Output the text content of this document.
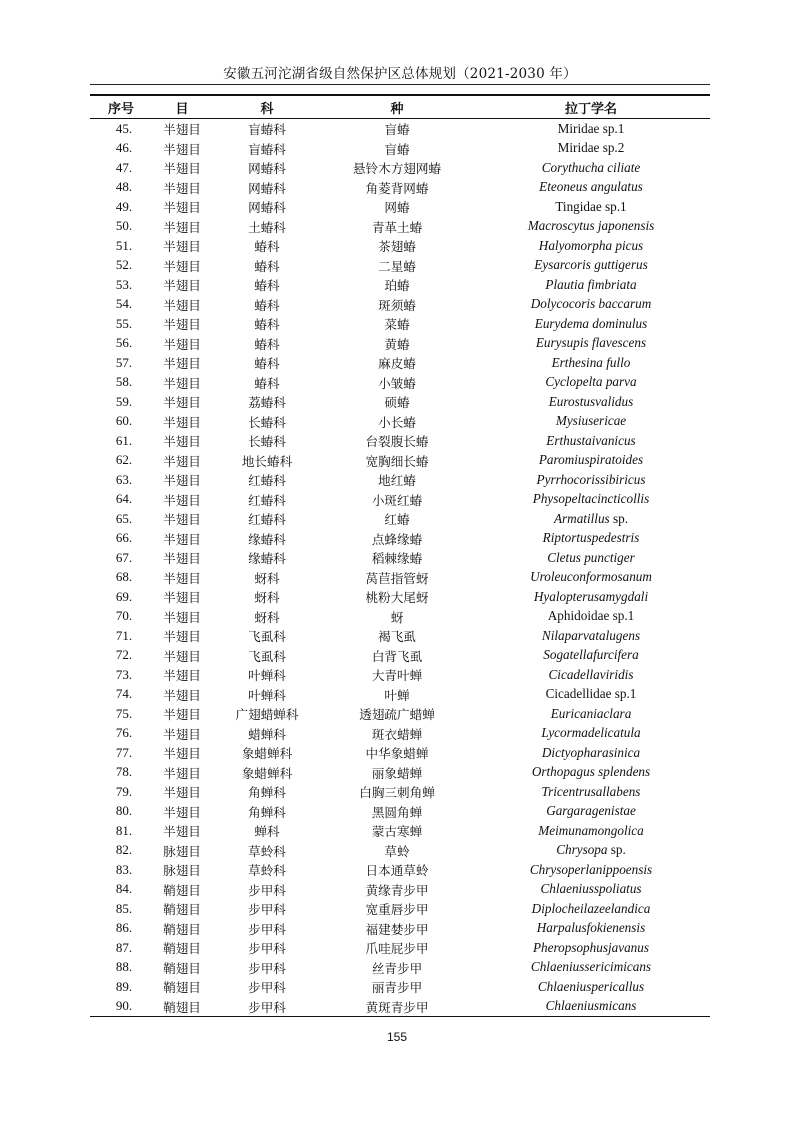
安徽五河沱湖省级自然保护区总体规划（2021-2030 年）
序号	目	科	种	拉丁学名
45.	半翅目	盲蝽科	盲蝽	Miridae sp.1
46.	半翅目	盲蝽科	盲蝽	Miridae sp.2
47.	半翅目	网蝽科	悬铃木方翅网蝽	Corythucha ciliate
48.	半翅目	网蝽科	角菱背网蝽	Eteoneus angulatus
49.	半翅目	网蝽科	网蝽	Tingidae sp.1
50.	半翅目	土蝽科	青革土蝽	Macroscytus japonensis
51.	半翅目	蝽科	茶翅蝽	Halyomorpha picus
52.	半翅目	蝽科	二星蝽	Eysarcoris guttigerus
53.	半翅目	蝽科	珀蝽	Plautia fimbriata
54.	半翅目	蝽科	斑须蝽	Dolycocoris baccarum
55.	半翅目	蝽科	菜蝽	Eurydema dominulus
56.	半翅目	蝽科	黄蝽	Eurysupis flavescens
57.	半翅目	蝽科	麻皮蝽	Erthesina fullo
58.	半翅目	蝽科	小皱蝽	Cyclopelta parva
59.	半翅目	荔蝽科	硕蝽	Eurostusvalidus
60.	半翅目	长蝽科	小长蝽	Mysiusericae
61.	半翅目	长蝽科	台裂腹长蝽	Erthustaivanicus
62.	半翅目	地长蝽科	宽胸细长蝽	Paromiuspiratoides
63.	半翅目	红蝽科	地红蝽	Pyrrhocorissibiricus
64.	半翅目	红蝽科	小斑红蝽	Physopeltacincticollis
65.	半翅目	红蝽科	红蝽	Armatillus sp.
66.	半翅目	缘蝽科	点蜂缘蝽	Riptortuspedestris
67.	半翅目	缘蝽科	稻棘缘蝽	Cletus punctiger
68.	半翅目	蚜科	莴苣指管蚜	Uroleuconformosanum
69.	半翅目	蚜科	桃粉大尾蚜	Hyalopterusamygdali
70.	半翅目	蚜科	蚜	Aphidoidae sp.1
71.	半翅目	飞虱科	褐飞虱	Nilaparvatalugens
72.	半翅目	飞虱科	白背飞虱	Sogatellafurcifera
73.	半翅目	叶蝉科	大青叶蝉	Cicadellaviridis
74.	半翅目	叶蝉科	叶蝉	Cicadellidae sp.1
75.	半翅目	广翅蜡蝉科	透翅疏广蜡蝉	Euricaniaclara
76.	半翅目	蜡蝉科	斑衣蜡蝉	Lycormadelicatula
77.	半翅目	象蜡蝉科	中华象蜡蝉	Dictyopharasinica
78.	半翅目	象蜡蝉科	丽象蜡蝉	Orthopagus splendens
79.	半翅目	角蝉科	白胸三刺角蝉	Tricentrusallabens
80.	半翅目	角蝉科	黑圆角蝉	Gargaragenistae
81.	半翅目	蝉科	蒙古寒蝉	Meimunamongolica
82.	脉翅目	草蛉科	草蛉	Chrysopa sp.
83.	脉翅目	草蛉科	日本通草蛉	Chrysoperlanippoensis
84.	鞘翅目	步甲科	黄缘青步甲	Chlaeniusspoliatus
85.	鞘翅目	步甲科	宽重唇步甲	Diplocheilazeelandica
86.	鞘翅目	步甲科	福建婪步甲	Harpalusfokienensis
87.	鞘翅目	步甲科	爪哇屁步甲	Pheropsophusjavanus
88.	鞘翅目	步甲科	丝青步甲	Chlaeniussericimicans
89.	鞘翅目	步甲科	丽青步甲	Chlaeniuspericallus
90.	鞘翅目	步甲科	黄斑青步甲	Chlaeniusmicans
155
